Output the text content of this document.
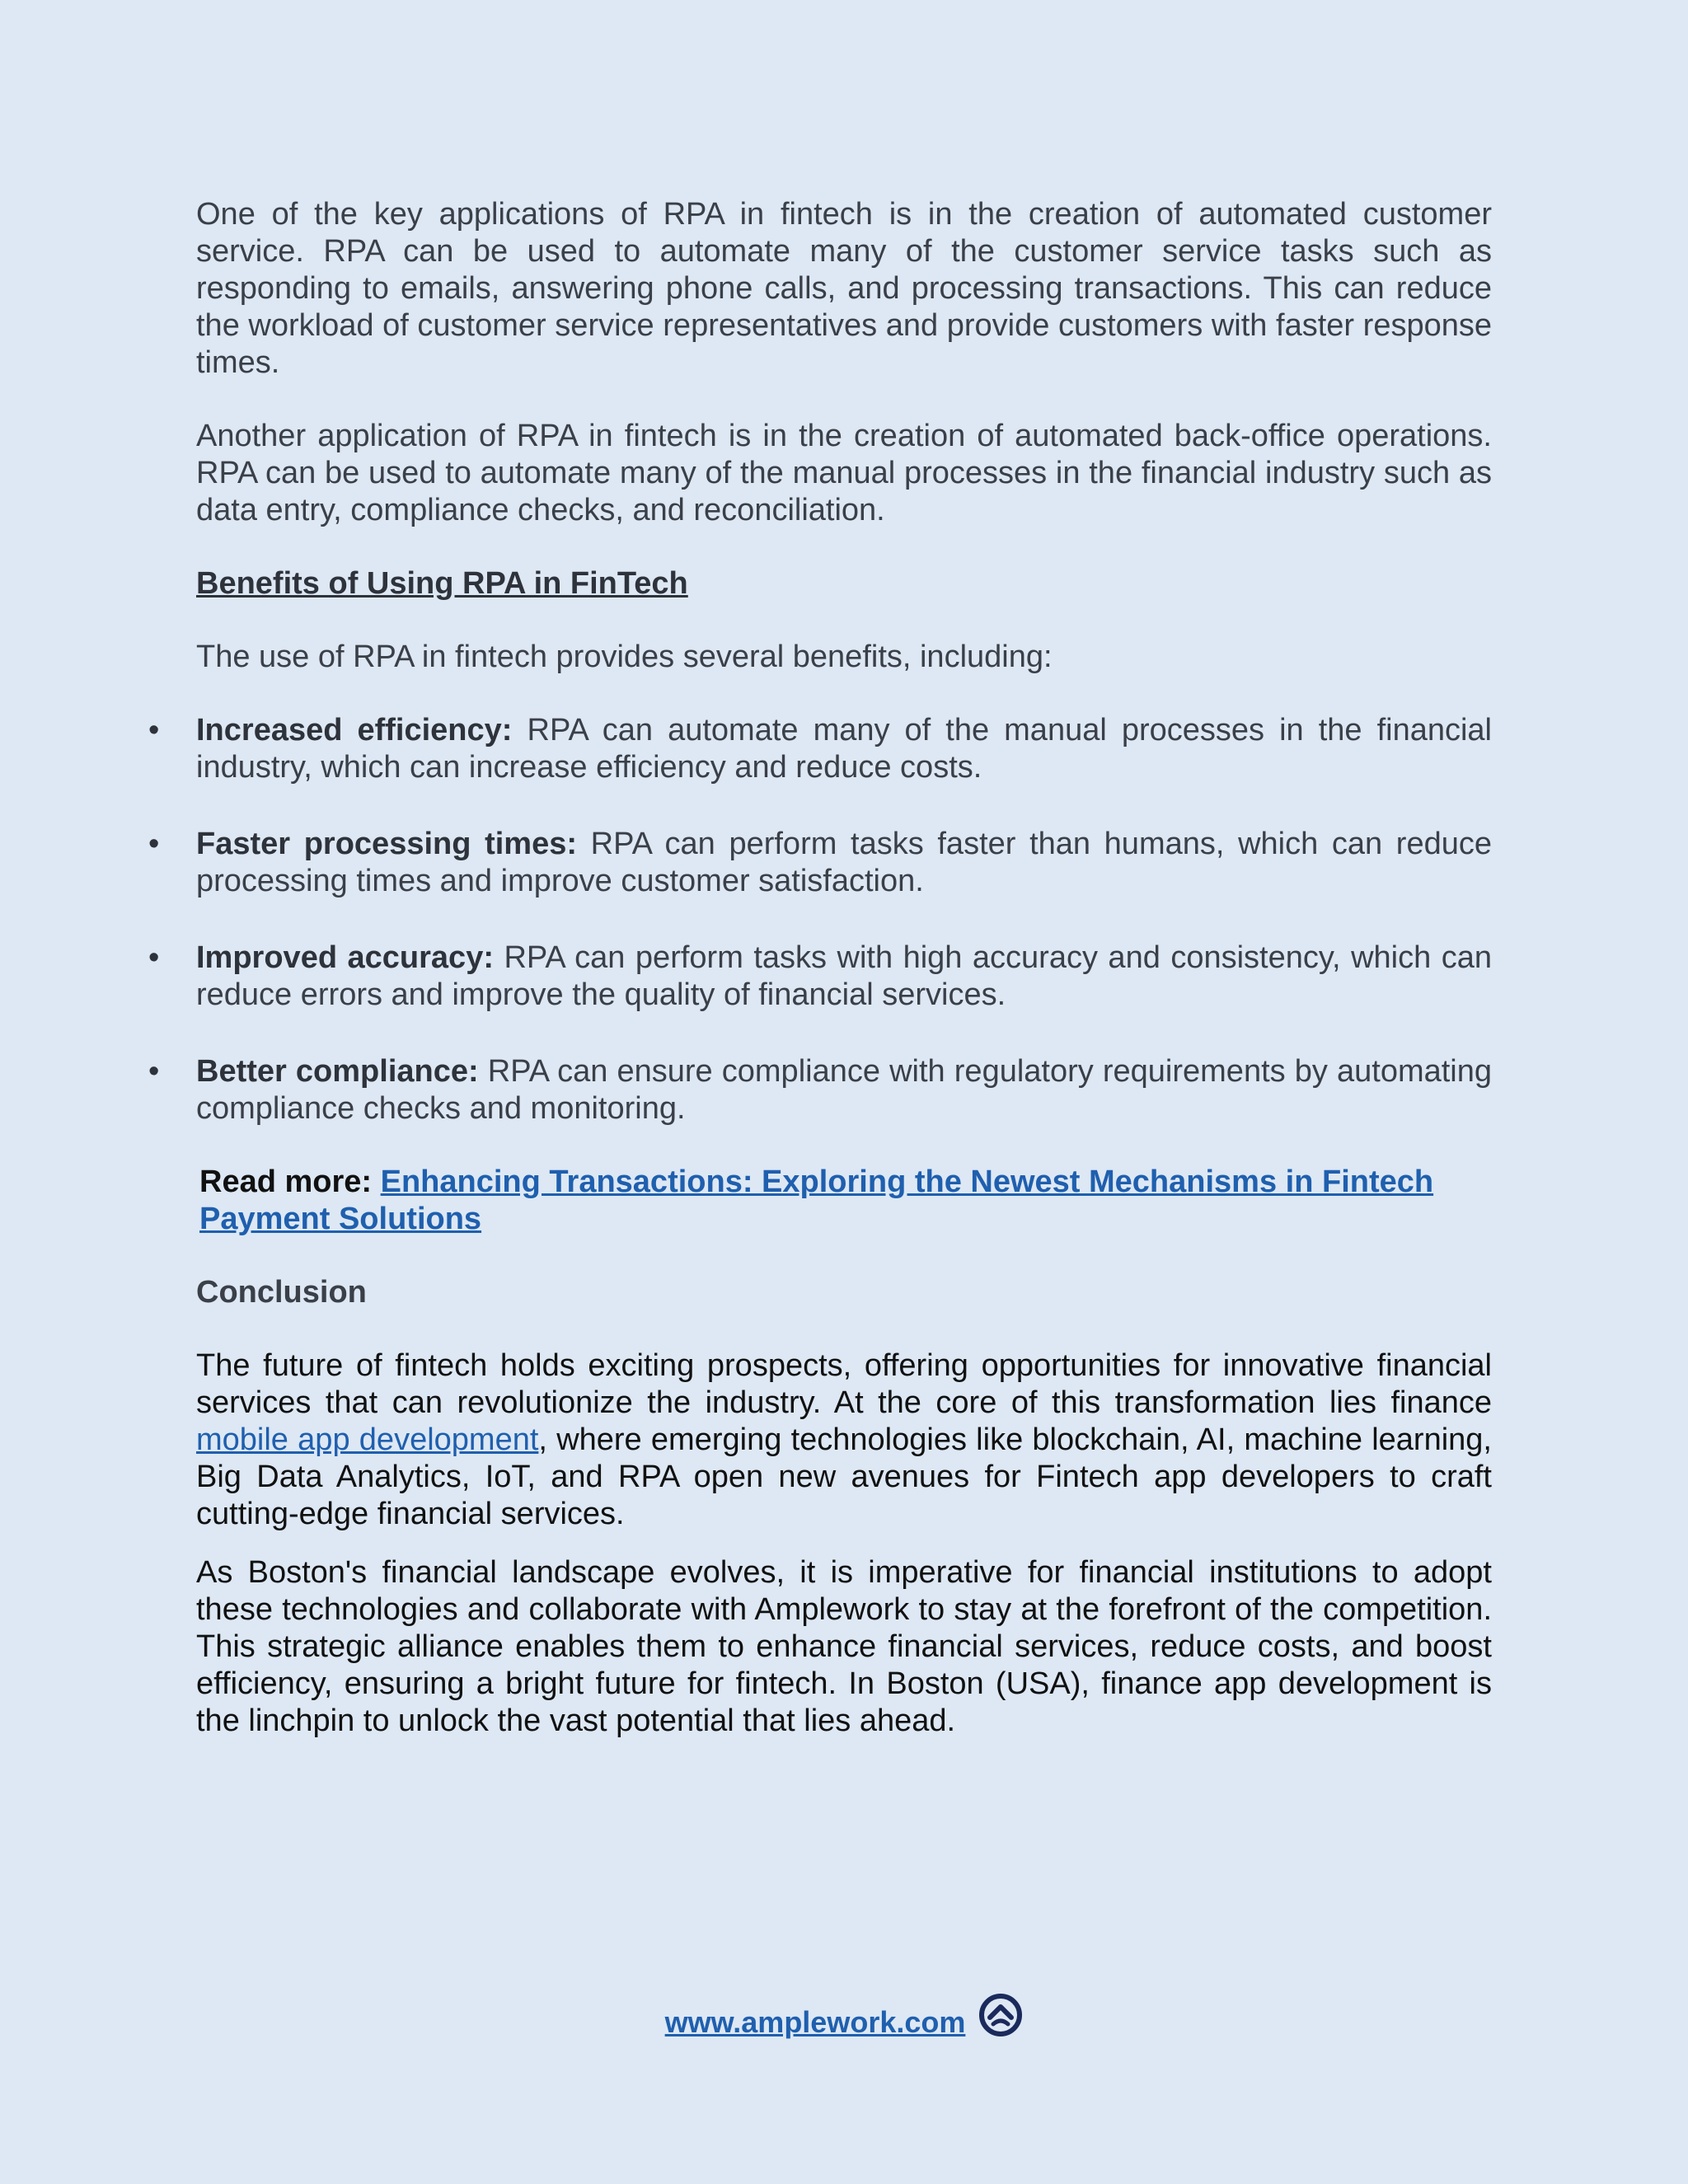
One of the key applications of RPA in fintech is in the creation of automated customer service. RPA can be used to automate many of the customer service tasks such as responding to emails, answering phone calls, and processing transactions. This can reduce the workload of customer service representatives and provide customers with faster response times.

Another application of RPA in fintech is in the creation of automated back-office operations. RPA can be used to automate many of the manual processes in the financial industry such as data entry, compliance checks, and reconciliation.

Benefits of Using RPA in FinTech

The use of RPA in fintech provides several benefits, including:

• Increased efficiency: RPA can automate many of the manual processes in the financial industry, which can increase efficiency and reduce costs.
• Faster processing times: RPA can perform tasks faster than humans, which can reduce processing times and improve customer satisfaction.
• Improved accuracy: RPA can perform tasks with high accuracy and consistency, which can reduce errors and improve the quality of financial services.
• Better compliance: RPA can ensure compliance with regulatory requirements by automating compliance checks and monitoring.
Read more: Enhancing Transactions: Exploring the Newest Mechanisms in Fintech Payment Solutions
Conclusion

The future of fintech holds exciting prospects, offering opportunities for innovative financial services that can revolutionize the industry. At the core of this transformation lies finance mobile app development, where emerging technologies like blockchain, AI, machine learning, Big Data Analytics, IoT, and RPA open new avenues for Fintech app developers to craft cutting-edge financial services.

As Boston's financial landscape evolves, it is imperative for financial institutions to adopt these technologies and collaborate with Amplework to stay at the forefront of the competition. This strategic alliance enables them to enhance financial services, reduce costs, and boost efficiency, ensuring a bright future for fintech. In Boston (USA), finance app development is the linchpin to unlock the vast potential that lies ahead.

www.amplework.com
